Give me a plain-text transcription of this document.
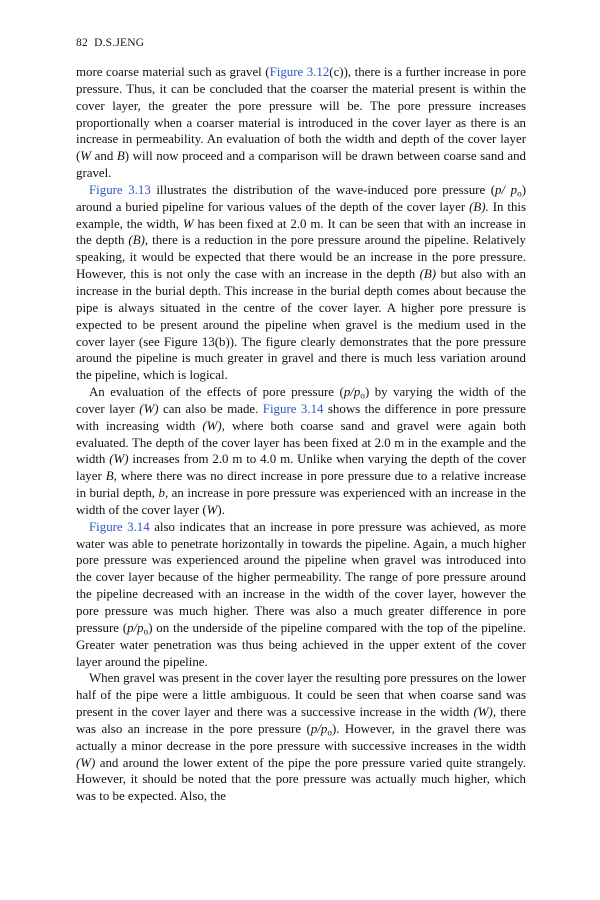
82 D.S.JENG

more coarse material such as gravel (Figure 3.12(c)), there is a further increase in pore pressure. Thus, it can be concluded that the coarser the material present is within the cover layer, the greater the pore pressure will be. The pore pressure increases proportionally when a coarser material is introduced in the cover layer as there is an increase in permeability. An evaluation of both the width and depth of the cover layer (W and B) will now proceed and a comparison will be drawn between coarse sand and gravel.

Figure 3.13 illustrates the distribution of the wave-induced pore pressure (p/ $p_o$) around a buried pipeline for various values of the depth of the cover layer (B). In this example, the width, W has been fixed at 2.0 m. It can be seen that with an increase in the depth (B), there is a reduction in the pore pressure around the pipeline. Relatively speaking, it would be expected that there would be an increase in the pore pressure. However, this is not only the case with an increase in the depth (B) but also with an increase in the burial depth. This increase in the burial depth comes about because the pipe is always situated in the centre of the cover layer. A higher pore pressure is expected to be present around the pipeline when gravel is the medium used in the cover layer (see Figure 13(b)). The figure clearly demonstrates that the pore pressure around the pipeline is much greater in gravel and there is much less variation around the pipeline, which is logical.

An evaluation of the effects of pore pressure $(p/p_o)$ by varying the width of the cover layer (W) can also be made. Figure 3.14 shows the difference in pore pressure with increasing width (W), where both coarse sand and gravel were again both evaluated. The depth of the cover layer has been fixed at 2.0 m in the example and the width (W) increases from 2.0 m to 4.0 m. Unlike when varying the depth of the cover layer B, where there was no direct increase in pore pressure due to a relative increase in burial depth, b, an increase in pore pressure was experienced with an increase in the width of the cover layer (W).

Figure 3.14 also indicates that an increase in pore pressure was achieved, as more water was able to penetrate horizontally in towards the pipeline. Again, a much higher pore pressure was experienced around the pipeline when gravel was introduced into the cover layer because of the higher permeability. The range of pore pressure around the pipeline decreased with an increase in the width of the cover layer, however the pore pressure was much higher. There was also a much greater difference in pore pressure $(p/p_o)$ on the underside of the pipeline compared with the top of the pipeline. Greater water penetration was thus being achieved in the upper extent of the cover layer around the pipeline.

When gravel was present in the cover layer the resulting pore pressures on the lower half of the pipe were a little ambiguous. It could be seen that when coarse sand was present in the cover layer and there was a successive increase in the width (W), there was also an increase in the pore pressure $(p/p_o)$. However, in the gravel there was actually a minor decrease in the pore pressure with successive increases in the width (W) and around the lower extent of the pipe the pore pressure varied quite strangely. However, it should be noted that the pore pressure was actually much higher, which was to be expected. Also, the
